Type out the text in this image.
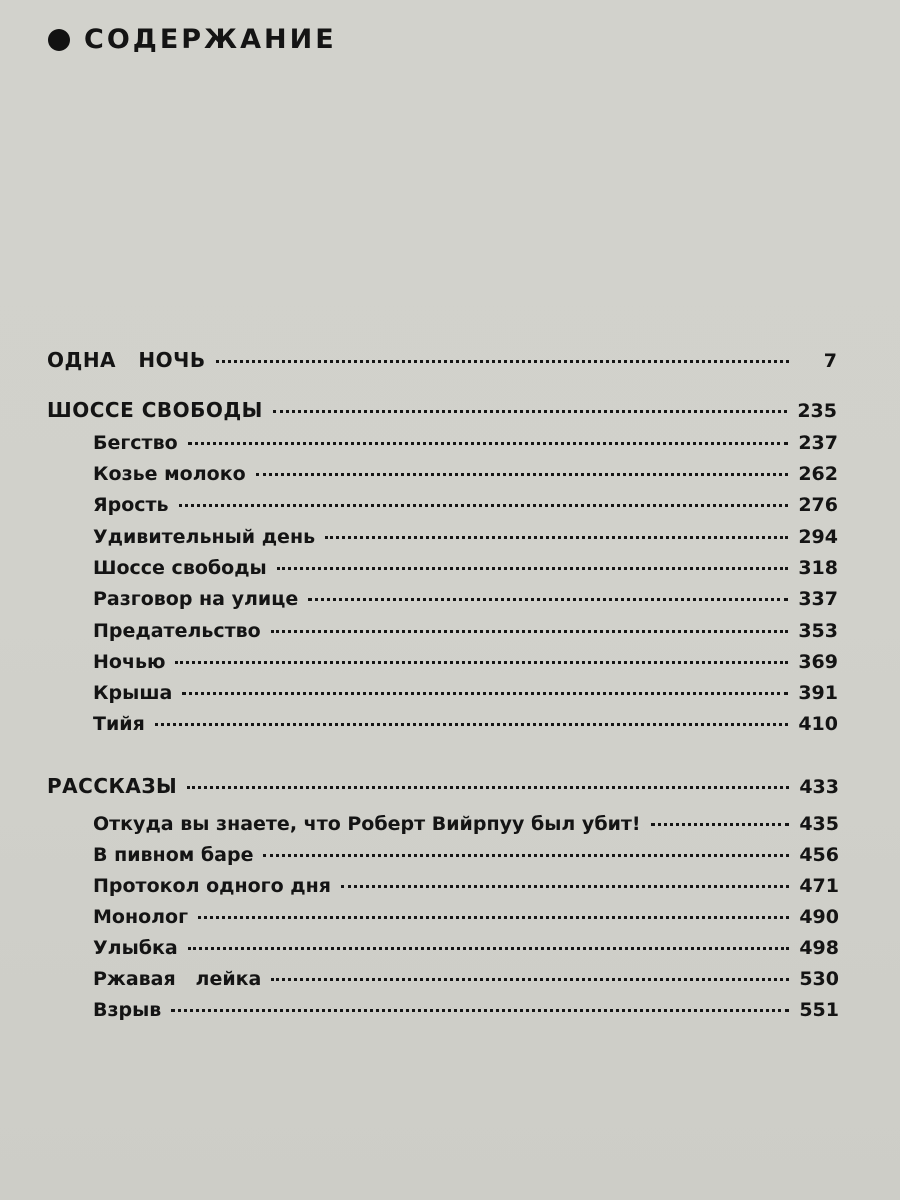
СОДЕРЖАНИЕ
ОДНА   НОЧЬ	7
ШОССЕ СВОБОДЫ	235
Бегство	237
Козье молоко	262
Ярость	276
Удивительный день	294
Шоссе свободы	318
Разговор на улице	337
Предательство	353
Ночью	369
Крыша	391
Тийя	410
РАССКАЗЫ	433
Откуда вы знаете, что Роберт Вийрпуу был убит!	435
В пивном баре	456
Протокол одного дня	471
Монолог	490
Улыбка	498
Ржавая   лейка	530
Взрыв	551
